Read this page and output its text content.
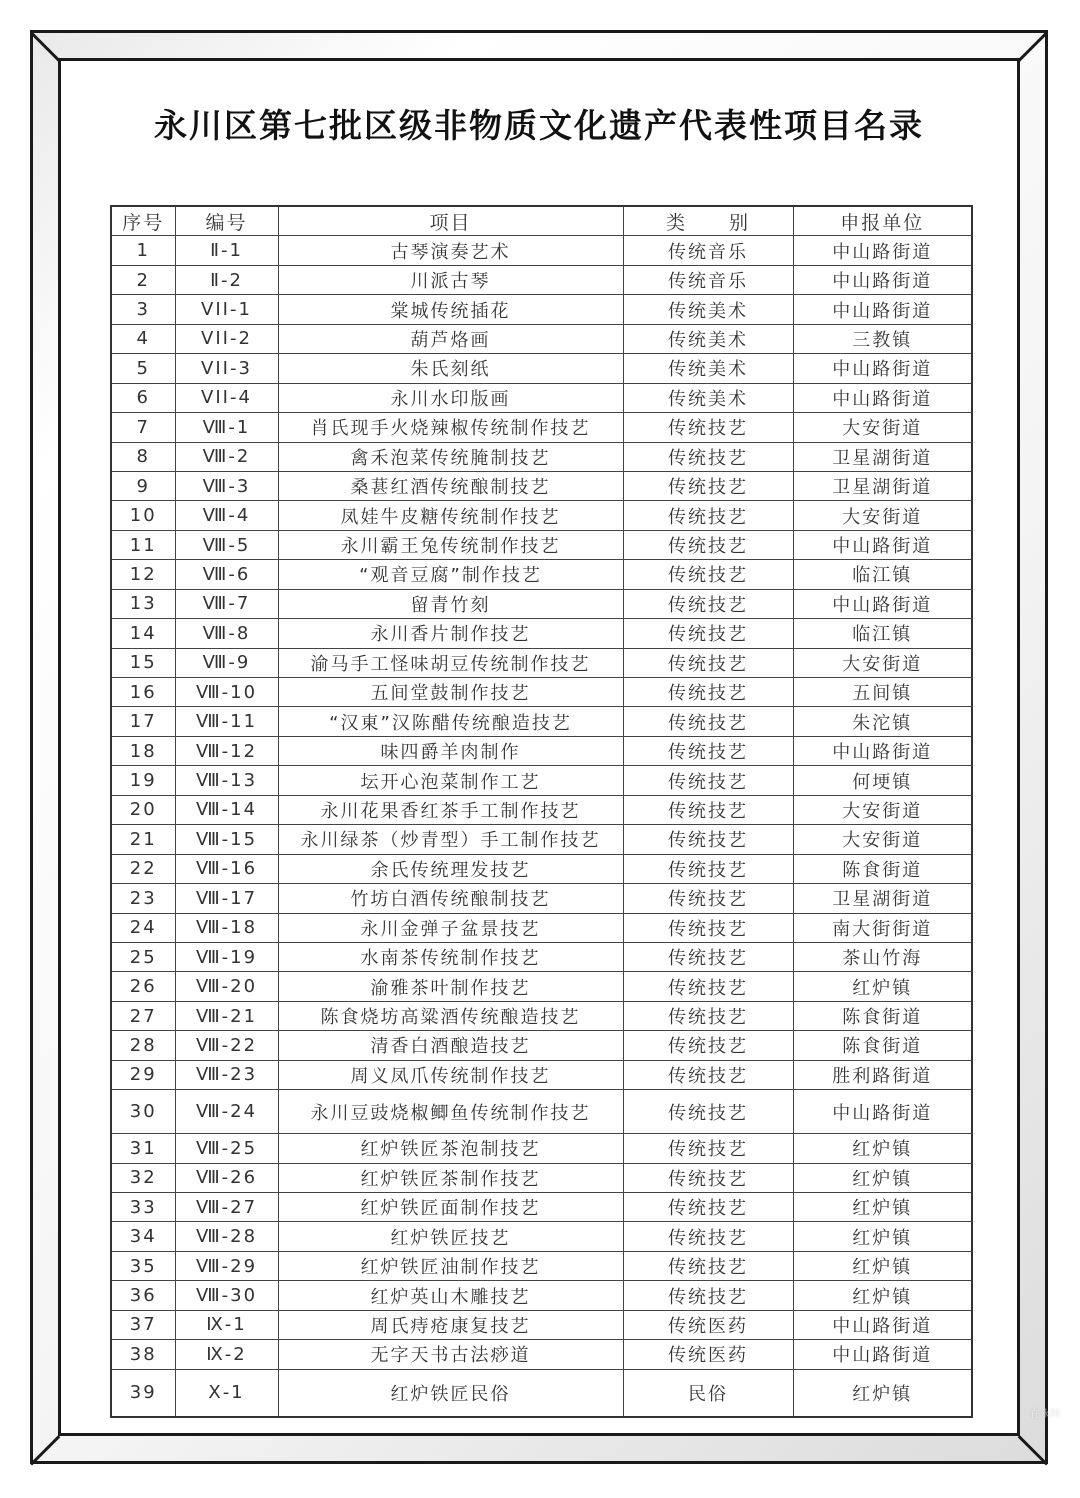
永川区第七批区级非物质文化遗产代表性项目名录
序号	编号	项目	类　　别	申报单位
1	Ⅱ-1	古琴演奏艺术	传统音乐	中山路街道
2	Ⅱ-2	川派古琴	传统音乐	中山路街道
3	VII-1	棠城传统插花	传统美术	中山路街道
4	VII-2	葫芦烙画	传统美术	三教镇
5	VII-3	朱氏刻纸	传统美术	中山路街道
6	VII-4	永川水印版画	传统美术	中山路街道
7	Ⅷ-1	肖氏现手火烧辣椒传统制作技艺	传统技艺	大安街道
8	Ⅷ-2	禽禾泡菜传统腌制技艺	传统技艺	卫星湖街道
9	Ⅷ-3	桑葚红酒传统酿制技艺	传统技艺	卫星湖街道
10	Ⅷ-4	凤娃牛皮糖传统制作技艺	传统技艺	大安街道
11	Ⅷ-5	永川霸王兔传统制作技艺	传统技艺	中山路街道
12	Ⅷ-6	“观音豆腐”制作技艺	传统技艺	临江镇
13	Ⅷ-7	留青竹刻	传统技艺	中山路街道
14	Ⅷ-8	永川香片制作技艺	传统技艺	临江镇
15	Ⅷ-9	渝马手工怪味胡豆传统制作技艺	传统技艺	大安街道
16	Ⅷ-10	五间堂鼓制作技艺	传统技艺	五间镇
17	Ⅷ-11	“汉東”汉陈醋传统酿造技艺	传统技艺	朱沱镇
18	Ⅷ-12	味四爵羊肉制作	传统技艺	中山路街道
19	Ⅷ-13	坛开心泡菜制作工艺	传统技艺	何埂镇
20	Ⅷ-14	永川花果香红茶手工制作技艺	传统技艺	大安街道
21	Ⅷ-15	永川绿茶（炒青型）手工制作技艺	传统技艺	大安街道
22	Ⅷ-16	余氏传统理发技艺	传统技艺	陈食街道
23	Ⅷ-17	竹坊白酒传统酿制技艺	传统技艺	卫星湖街道
24	Ⅷ-18	永川金弹子盆景技艺	传统技艺	南大街街道
25	Ⅷ-19	水南茶传统制作技艺	传统技艺	茶山竹海
26	Ⅷ-20	渝雅茶叶制作技艺	传统技艺	红炉镇
27	Ⅷ-21	陈食烧坊高粱酒传统酿造技艺	传统技艺	陈食街道
28	Ⅷ-22	清香白酒酿造技艺	传统技艺	陈食街道
29	Ⅷ-23	周义凤爪传统制作技艺	传统技艺	胜利路街道
30	Ⅷ-24	永川豆豉烧椒鲫鱼传统制作技艺	传统技艺	中山路街道
31	Ⅷ-25	红炉铁匠茶泡制技艺	传统技艺	红炉镇
32	Ⅷ-26	红炉铁匠茶制作技艺	传统技艺	红炉镇
33	Ⅷ-27	红炉铁匠面制作技艺	传统技艺	红炉镇
34	Ⅷ-28	红炉铁匠技艺	传统技艺	红炉镇
35	Ⅷ-29	红炉铁匠油制作技艺	传统技艺	红炉镇
36	Ⅷ-30	红炉英山木雕技艺	传统技艺	红炉镇
37	Ⅸ-1	周氏痔疮康复技艺	传统医药	中山路街道
38	Ⅸ-2	无字天书古法痧道	传统医药	中山路街道
39	Ⅹ-1	红炉铁匠民俗	民俗	红炉镇
在永川
